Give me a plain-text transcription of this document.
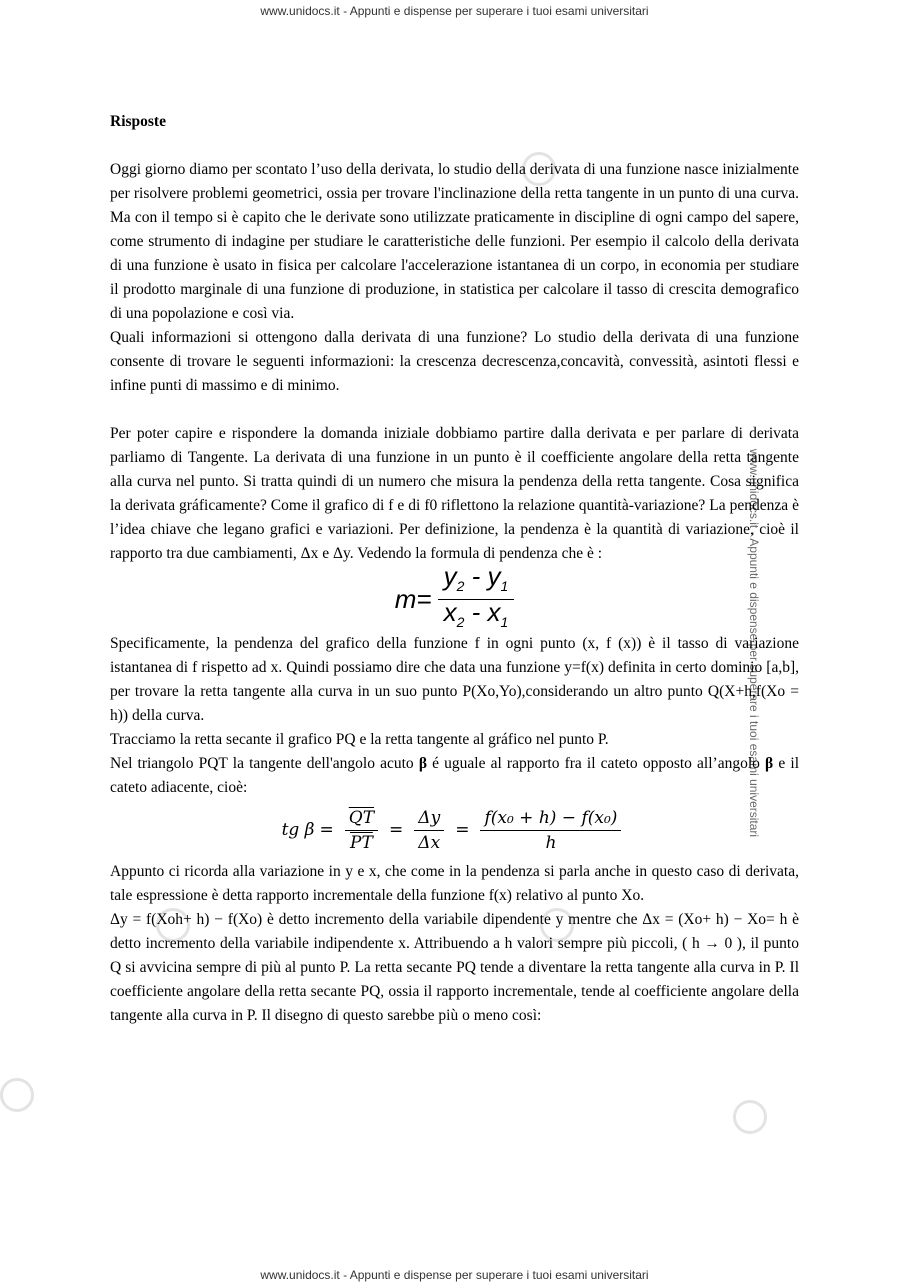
www.unidocs.it - Appunti e dispense per superare i tuoi esami universitari
www.unidocs.it - Appunti e dispense per superare i tuoi esami universitari
www.unidocs.it - Appunti e dispense per superare i tuoi esami universitari
Risposte

Oggi giorno diamo per scontato l’uso della derivata, lo studio della derivata di una funzione nasce inizialmente per risolvere problemi geometrici, ossia per trovare l'inclinazione della retta tangente in un punto di una curva. Ma con il tempo si è capito che le derivate sono utilizzate praticamente in discipline di ogni campo del sapere, come strumento di indagine per studiare le caratteristiche delle funzioni. Per esempio il calcolo della derivata di una funzione è usato in fisica per calcolare l'accelerazione istantanea di un corpo, in economia per studiare il prodotto marginale di una funzione di produzione, in statistica per calcolare il tasso di crescita demografico di una popolazione e così via.

Quali informazioni si ottengono dalla derivata di una funzione? Lo studio della derivata di una funzione consente di trovare le seguenti informazioni: la crescenza decrescenza,concavità, convessità, asintoti flessi e infine punti di massimo e di minimo.

Per poter capire e rispondere la domanda iniziale dobbiamo partire dalla derivata e per parlare di derivata parliamo di Tangente. La derivata di una funzione in un punto è il coefficiente angolare della retta tangente alla curva nel punto. Si tratta quindi di un numero che misura la pendenza della retta tangente. Cosa significa la derivata gráficamente? Come il grafico di f e di f0 riflettono la relazione quantità-variazione? La pendenza è l’idea chiave che legano grafici e variazioni. Per definizione, la pendenza è la quantità di variazione, cioè il rapporto tra due cambiamenti, Δx e Δy. Vedendo la formula di pendenza che è :

$m = \frac{y_2 - y_1}{x_2 - x_1}$

Specificamente, la pendenza del grafico della funzione f in ogni punto (x, f (x)) è il tasso di variazione istantanea di f rispetto ad x. Quindi possiamo dire che data una funzione y=f(x) definita in certo dominio [a,b], per trovare la retta tangente alla curva in un suo punto P(Xo,Yo),considerando un altro punto Q(X+h,f(Xo = h)) della curva.

Tracciamo la retta secante il grafico PQ e la retta tangente al gráfico nel punto P.

Nel triangolo PQT la tangente dell'angolo acuto β é uguale al rapporto fra il cateto opposto all’angolo β e il cateto adiacente, cioè:

tg $\beta = \frac{\overline{QT}}{PT} = \frac{\Delta y}{\Delta x} = \frac{\text{f(x₀ + h) − f(x₀)}}{h}$

Appunto ci ricorda alla variazione in y e x, che come in la pendenza si parla anche in questo caso di derivata, tale espressione è detta rapporto incrementale della funzione f(x) relativo al punto Xo.

Δy = f(Xoh+ h) − f(Xo) è detto incremento della variabile dipendente y mentre che Δx = (Xo+ h) − Xo= h è detto incremento della variabile indipendente x. Attribuendo a h valori sempre più piccoli, ( h → 0 ), il punto Q si avvicina sempre di più al punto P. La retta secante PQ tende a diventare la retta tangente alla curva in P. Il coefficiente angolare della retta secante PQ, ossia il rapporto incrementale, tende al coefficiente angolare della tangente alla curva in P. Il disegno di questo sarebbe più o meno così:
